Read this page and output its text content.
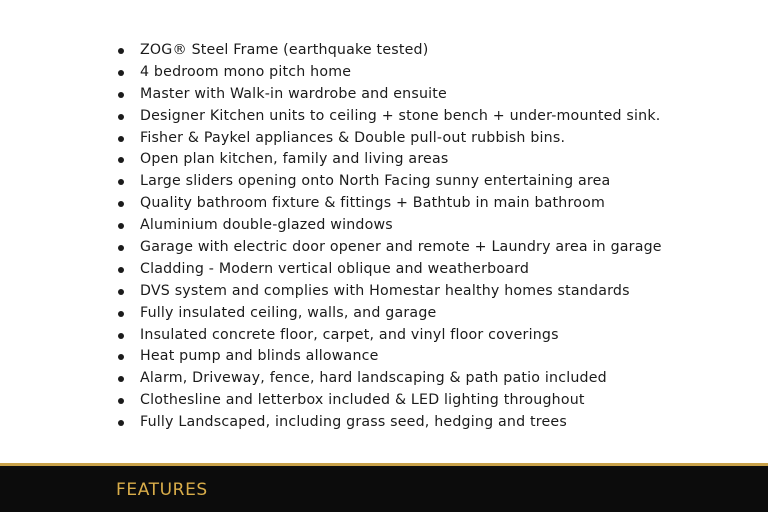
ZOG® Steel Frame (earthquake tested)
4 bedroom mono pitch home
Master with Walk-in wardrobe and ensuite
Designer Kitchen units to ceiling + stone bench + under-mounted sink.
Fisher & Paykel appliances & Double pull-out rubbish bins.
Open plan kitchen, family and living areas
Large sliders opening onto North Facing sunny entertaining area
Quality bathroom fixture & fittings + Bathtub in main bathroom
Aluminium double-glazed windows
Garage with electric door opener and remote + Laundry area in garage
Cladding - Modern vertical oblique and weatherboard
DVS system and complies with Homestar healthy homes standards
Fully insulated ceiling, walls, and garage
Insulated concrete floor, carpet, and vinyl floor coverings
Heat pump and blinds allowance
Alarm, Driveway, fence, hard landscaping & path patio included
Clothesline and letterbox included & LED lighting throughout
Fully Landscaped, including grass seed, hedging and trees
FEATURES
